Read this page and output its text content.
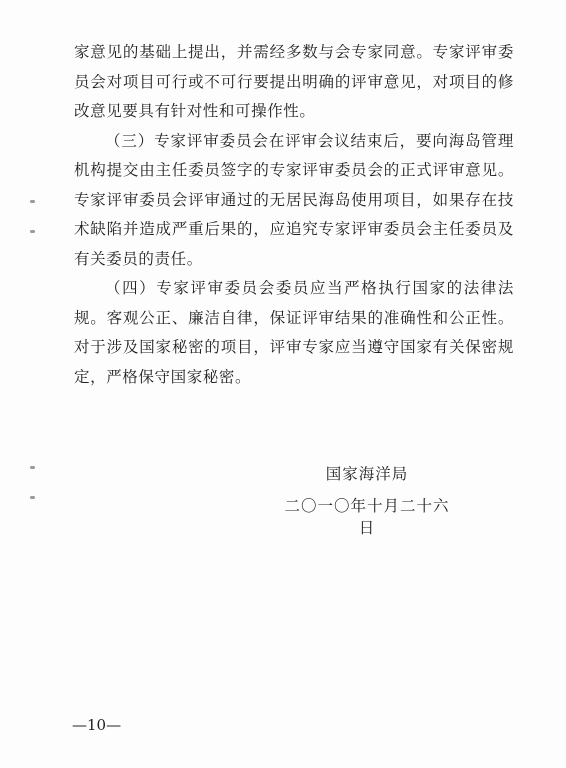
家意见的基础上提出，并需经多数与会专家同意。专家评审委员会对项目可行或不可行要提出明确的评审意见，对项目的修改意见要具有针对性和可操作性。

（三）专家评审委员会在评审会议结束后，要向海岛管理机构提交由主任委员签字的专家评审委员会的正式评审意见。专家评审委员会评审通过的无居民海岛使用项目，如果存在技术缺陷并造成严重后果的，应追究专家评审委员会主任委员及有关委员的责任。

（四）专家评审委员会委员应当严格执行国家的法律法规。客观公正、廉洁自律，保证评审结果的准确性和公正性。对于涉及国家秘密的项目，评审专家应当遵守国家有关保密规定，严格保守国家秘密。

国家海洋局
二〇一〇年十月二十六日
—10—
